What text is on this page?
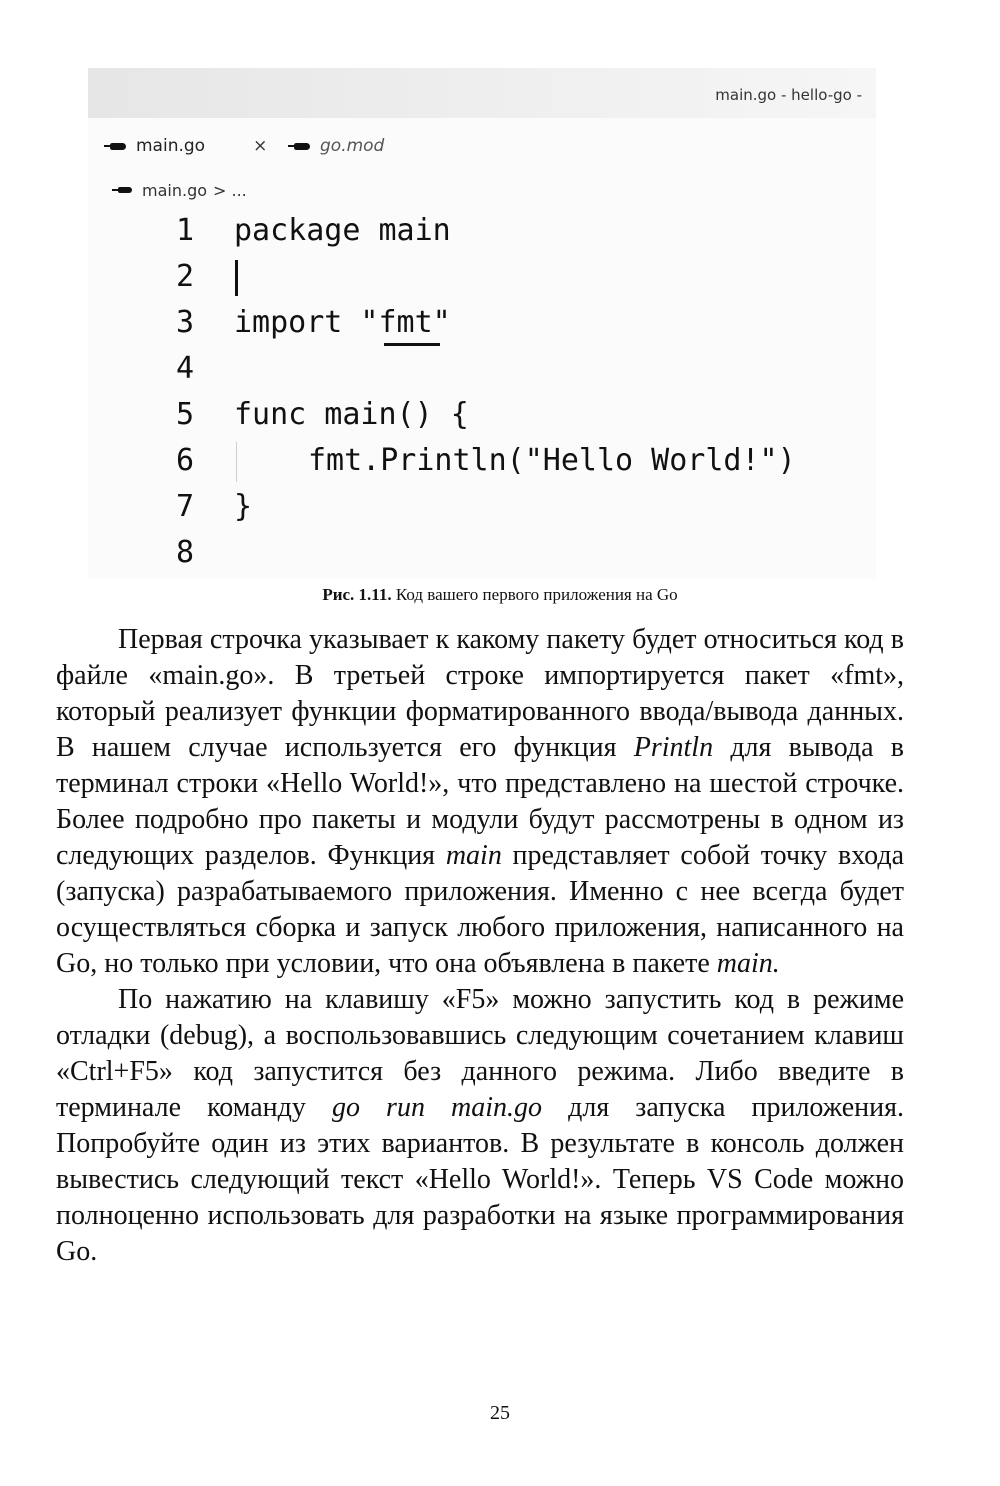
main.go - hello-go -
main.go	×	go.mod
main.go > ...
1 package main
2
3 import "fmt"
4
5 func main() {
6	fmt.Println("Hello World!")
7 }
8
Рис. 1.11. Код вашего первого приложения на Go

Первая строчка указывает к какому пакету будет относиться код в файле «main.go». В третьей строке импортируется пакет «fmt», который реализует функции форматированного ввода/вывода данных. В нашем случае используется его функция Println для вывода в терминал строки «Hello World!», что представлено на шестой строчке. Более подробно про пакеты и модули будут рассмотрены в одном из следующих разделов. Функция main представляет собой точку входа (запуска) разрабатываемого приложения. Именно с нее всегда будет осуществляться сборка и запуск любого приложения, написанного на Go, но только при условии, что она объявлена в пакете main.

По нажатию на клавишу «F5» можно запустить код в режиме отладки (debug), а воспользовавшись следующим сочетанием клавиш «Ctrl+F5» код запустится без данного режима. Либо введите в терминале команду go run main.go для запуска приложения. Попробуйте один из этих вариантов. В результате в консоль должен вывестись следующий текст «Hello World!». Теперь VS Code можно полноценно использовать для разработки на языке программирования Go.

25
